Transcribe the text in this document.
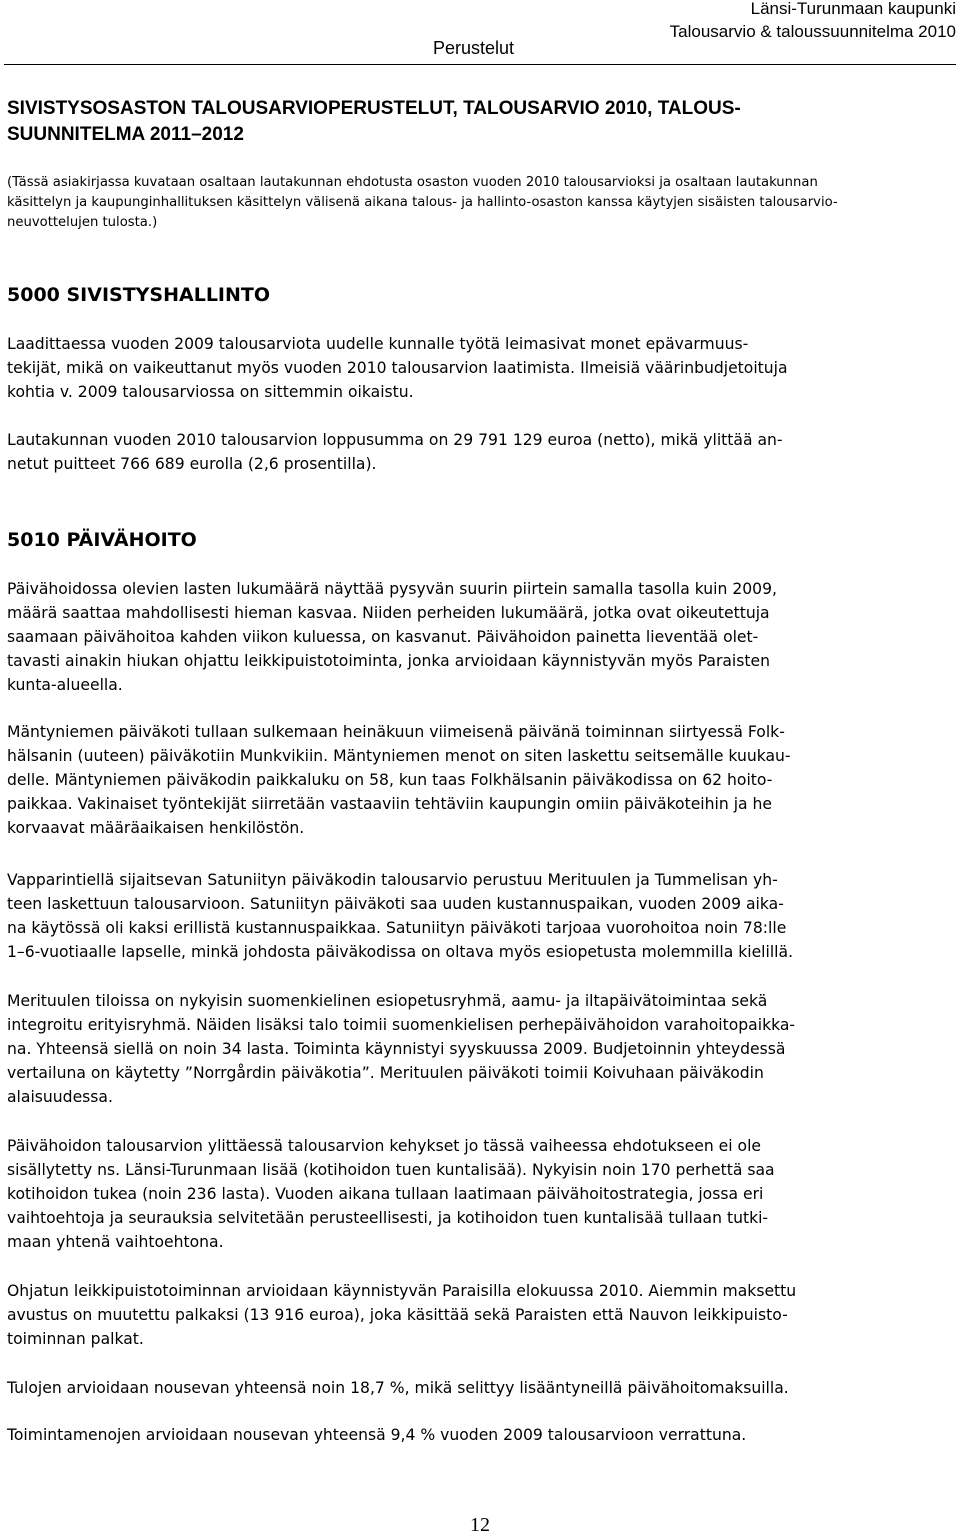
Perustelut
Länsi-Turunmaan kaupunki
Talousarvio & taloussuunnitelma 2010
SIVISTYSOSASTON TALOUSARVIOPERUSTELUT, TALOUSARVIO 2010, TALOUS-
SUUNNITELMA 2011–2012

(Tässä asiakirjassa kuvataan osaltaan lautakunnan ehdotusta osaston vuoden 2010 talousarvioksi ja osaltaan lautakunnan
käsittelyn ja kaupunginhallituksen käsittelyn välisenä aikana talous- ja hallinto-osaston kanssa käytyjen sisäisten talousarvio-
neuvottelujen tulosta.)

5000 SIVISTYSHALLINTO

Laadittaessa vuoden 2009 talousarviota uudelle kunnalle työtä leimasivat monet epävarmuus-
tekijät, mikä on vaikeuttanut myös vuoden 2010 talousarvion laatimista. Ilmeisiä väärinbudjetoituja
kohtia v. 2009 talousarviossa on sittemmin oikaistu.

Lautakunnan vuoden 2010 talousarvion loppusumma on 29 791 129 euroa (netto), mikä ylittää an-
netut puitteet 766 689 eurolla (2,6 prosentilla).

5010 PÄIVÄHOITO

Päivähoidossa olevien lasten lukumäärä näyttää pysyvän suurin piirtein samalla tasolla kuin 2009,
määrä saattaa mahdollisesti hieman kasvaa. Niiden perheiden lukumäärä, jotka ovat oikeutettuja
saamaan päivähoitoa kahden viikon kuluessa, on kasvanut. Päivähoidon painetta lieventää olet-
tavasti ainakin hiukan ohjattu leikkipuistotoiminta, jonka arvioidaan käynnistyvän myös Paraisten
kunta-alueella.

Mäntyniemen päiväkoti tullaan sulkemaan heinäkuun viimeisenä päivänä toiminnan siirtyessä Folk-
hälsanin (uuteen) päiväkotiin Munkvikiin. Mäntyniemen menot on siten laskettu seitsemälle kuukau-
delle. Mäntyniemen päiväkodin paikkaluku on 58, kun taas Folkhälsanin päiväkodissa on 62 hoito-
paikkaa. Vakinaiset työntekijät siirretään vastaaviin tehtäviin kaupungin omiin päiväkoteihin ja he
korvaavat määräaikaisen henkilöstön.

Vapparintiellä sijaitsevan Satuniityn päiväkodin talousarvio perustuu Merituulen ja Tummelisan yh-
teen laskettuun talousarvioon. Satuniityn päiväkoti saa uuden kustannuspaikan, vuoden 2009 aika-
na käytössä oli kaksi erillistä kustannuspaikkaa. Satuniityn päiväkoti tarjoaa vuorohoitoa noin 78:lle
1–6-vuotiaalle lapselle, minkä johdosta päiväkodissa on oltava myös esiopetusta molemmilla kielillä.

Merituulen tiloissa on nykyisin suomenkielinen esiopetusryhmä, aamu- ja iltapäivätoimintaa sekä
integroitu erityisryhmä. Näiden lisäksi talo toimii suomenkielisen perhepäivähoidon varahoitopaikka-
na. Yhteensä siellä on noin 34 lasta. Toiminta käynnistyi syyskuussa 2009. Budjetoinnin yhteydessä
vertailuna on käytetty ”Norrgårdin päiväkotia”. Merituulen päiväkoti toimii Koivuhaan päiväkodin
alaisuudessa.

Päivähoidon talousarvion ylittäessä talousarvion kehykset jo tässä vaiheessa ehdotukseen ei ole
sisällytetty ns. Länsi-Turunmaan lisää (kotihoidon tuen kuntalisää). Nykyisin noin 170 perhettä saa
kotihoidon tukea (noin 236 lasta). Vuoden aikana tullaan laatimaan päivähoitostrategia, jossa eri
vaihtoehtoja ja seurauksia selvitetään perusteellisesti, ja kotihoidon tuen kuntalisää tullaan tutki-
maan yhtenä vaihtoehtona.

Ohjatun leikkipuistotoiminnan arvioidaan käynnistyvän Paraisilla elokuussa 2010. Aiemmin maksettu
avustus on muutettu palkaksi (13 916 euroa), joka käsittää sekä Paraisten että Nauvon leikkipuisto-
toiminnan palkat.

Tulojen arvioidaan nousevan yhteensä noin 18,7 %, mikä selittyy lisääntyneillä päivähoitomaksuilla.

Toimintamenojen arvioidaan nousevan yhteensä 9,4 % vuoden 2009 talousarvioon verrattuna.

12
